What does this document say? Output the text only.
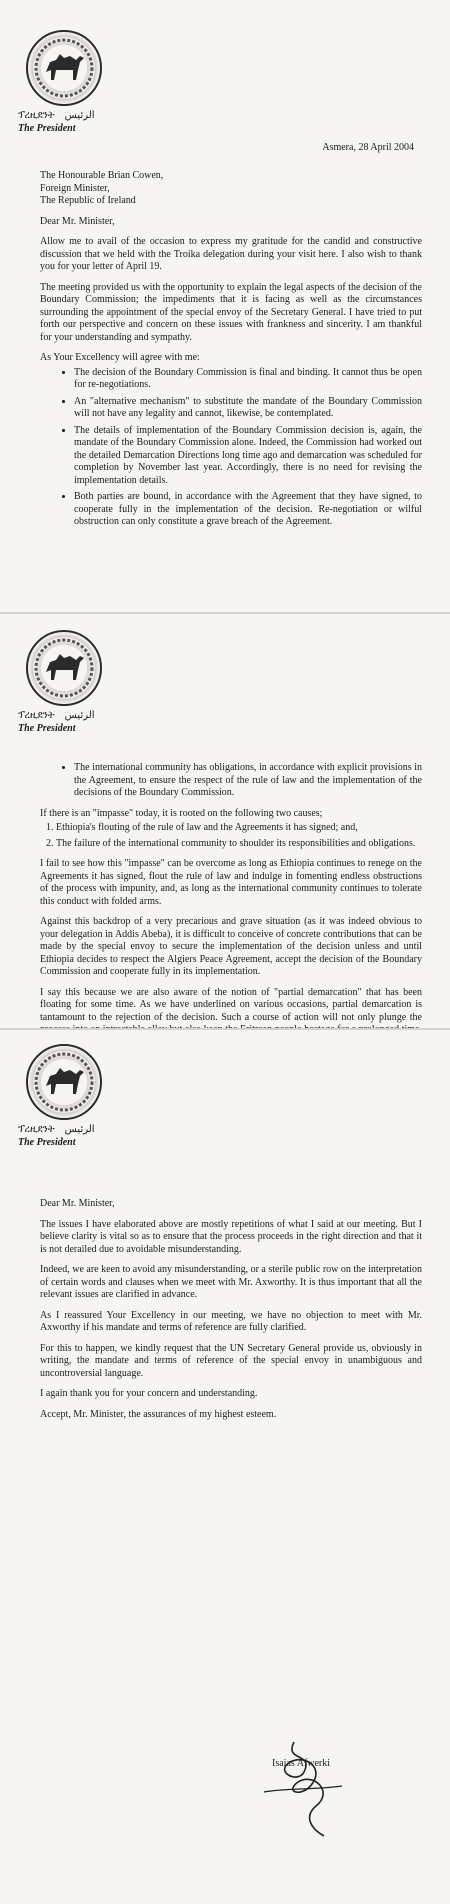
ፕረዚደንት الرئيس
The President
Asmera, 28 April 2004

The Honourable Brian Cowen,
Foreign Minister,
The Republic of Ireland

Dear Mr. Minister,

Allow me to avail of the occasion to express my gratitude for the candid and constructive discussion that we held with the Troika delegation during your visit here. I also wish to thank you for your letter of April 19.

The meeting provided us with the opportunity to explain the legal aspects of the decision of the Boundary Commission; the impediments that it is facing as well as the circumstances surrounding the appointment of the special envoy of the Secretary General. I have tried to put forth our perspective and concern on these issues with frankness and sincerity. I am thankful for your understanding and sympathy.

As Your Excellency will agree with me:

• The decision of the Boundary Commission is final and binding. It cannot thus be open for re-negotiations.
• An "alternative mechanism" to substitute the mandate of the Boundary Commission will not have any legality and cannot, likewise, be contemplated.
• The details of implementation of the Boundary Commission decision is, again, the mandate of the Boundary Commission alone. Indeed, the Commission had worked out the detailed Demarcation Directions long time ago and demarcation was scheduled for completion by November last year. Accordingly, there is no need for revising the implementation details.
• Both parties are bound, in accordance with the Agreement that they have signed, to cooperate fully in the implementation of the decision. Re-negotiation or wilful obstruction can only constitute a grave breach of the Agreement.
ፕረዚደንት الرئيس
The President
• The international community has obligations, in accordance with explicit provisions in the Agreement, to ensure the respect of the rule of law and the implementation of the decisions of the Boundary Commission.

If there is an "impasse" today, it is rooted on the following two causes;

1. Ethiopia's flouting of the rule of law and the Agreements it has signed; and,
2. The failure of the international community to shoulder its responsibilities and obligations.

I fail to see how this "impasse" can be overcome as long as Ethiopia continues to renege on the Agreements it has signed, flout the rule of law and indulge in fomenting endless obstructions of the process with impunity, and, as long as the international community continues to tolerate this conduct with folded arms.

Against this backdrop of a very precarious and grave situation (as it was indeed obvious to your delegation in Addis Abeba), it is difficult to conceive of concrete contributions that can be made by the special envoy to secure the implementation of the decision unless and until Ethiopia decides to respect the Algiers Peace Agreement, accept the decision of the Boundary Commission and cooperate fully in its implementation.

I say this because we are also aware of the notion of "partial demarcation" that has been floating for some time. As we have underlined on various occasions, partial demarcation is tantamount to the rejection of the decision. Such a course of action will not only plunge the

ፕረዚደንት الرئيس
The President

Dear Mr. Minister,

The issues I have elaborated above are mostly repetitions of what I said at our meeting. But I believe clarity is vital so as to ensure that the process proceeds in the right direction and that it is not derailed due to avoidable misunderstanding.

Indeed, we are keen to avoid any misunderstanding, or a sterile public row on the interpretation of certain words and clauses when we meet with Mr. Axworthy. It is thus important that all the relevant issues are clarified in advance.

As I reassured Your Excellency in our meeting, we have no objection to meet with Mr. Axworthy if his mandate and terms of reference are fully clarified.

For this to happen, we kindly request that the UN Secretary General provide us, obviously in writing, the mandate and terms of reference of the special envoy in unambiguous and uncontroversial language.

I again thank you for your concern and understanding.

Accept, Mr. Minister, the assurances of my highest esteem.

Isaias Afwerki
